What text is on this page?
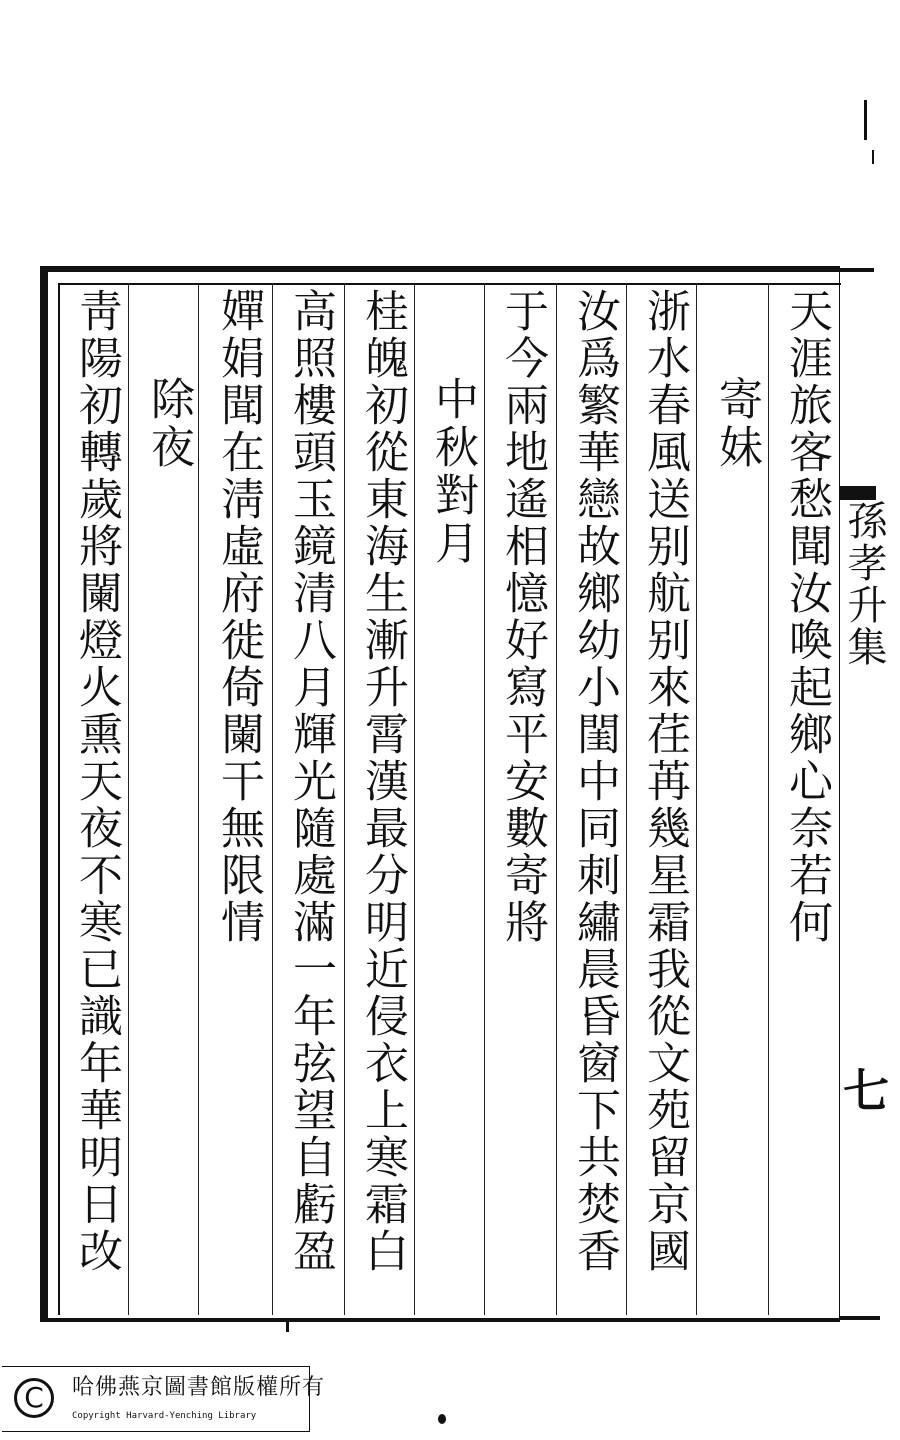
天涯旅客愁聞汝喚起鄉心奈若何
寄妹
浙水春風送别航别來荏苒幾星霜我從文苑留京國
汝爲繁華戀故鄉幼小閨中同刺繡晨昏窗下共焚香
于今兩地遙相憶好寫平安數寄將
中秋對月
桂魄初從東海生漸升霄漢最分明近侵衣上寒霜白
高照樓頭玉鏡清八月輝光隨處滿一年弦望自虧盈
嬋娟聞在淸虛府徙倚闌干無限情
除夜
靑陽初轉歲將闌燈火熏天夜不寒已識年華明日改	孫孝升集
七
C	哈佛燕京圖書館版權所有
Copyright Harvard-Yenching Library
